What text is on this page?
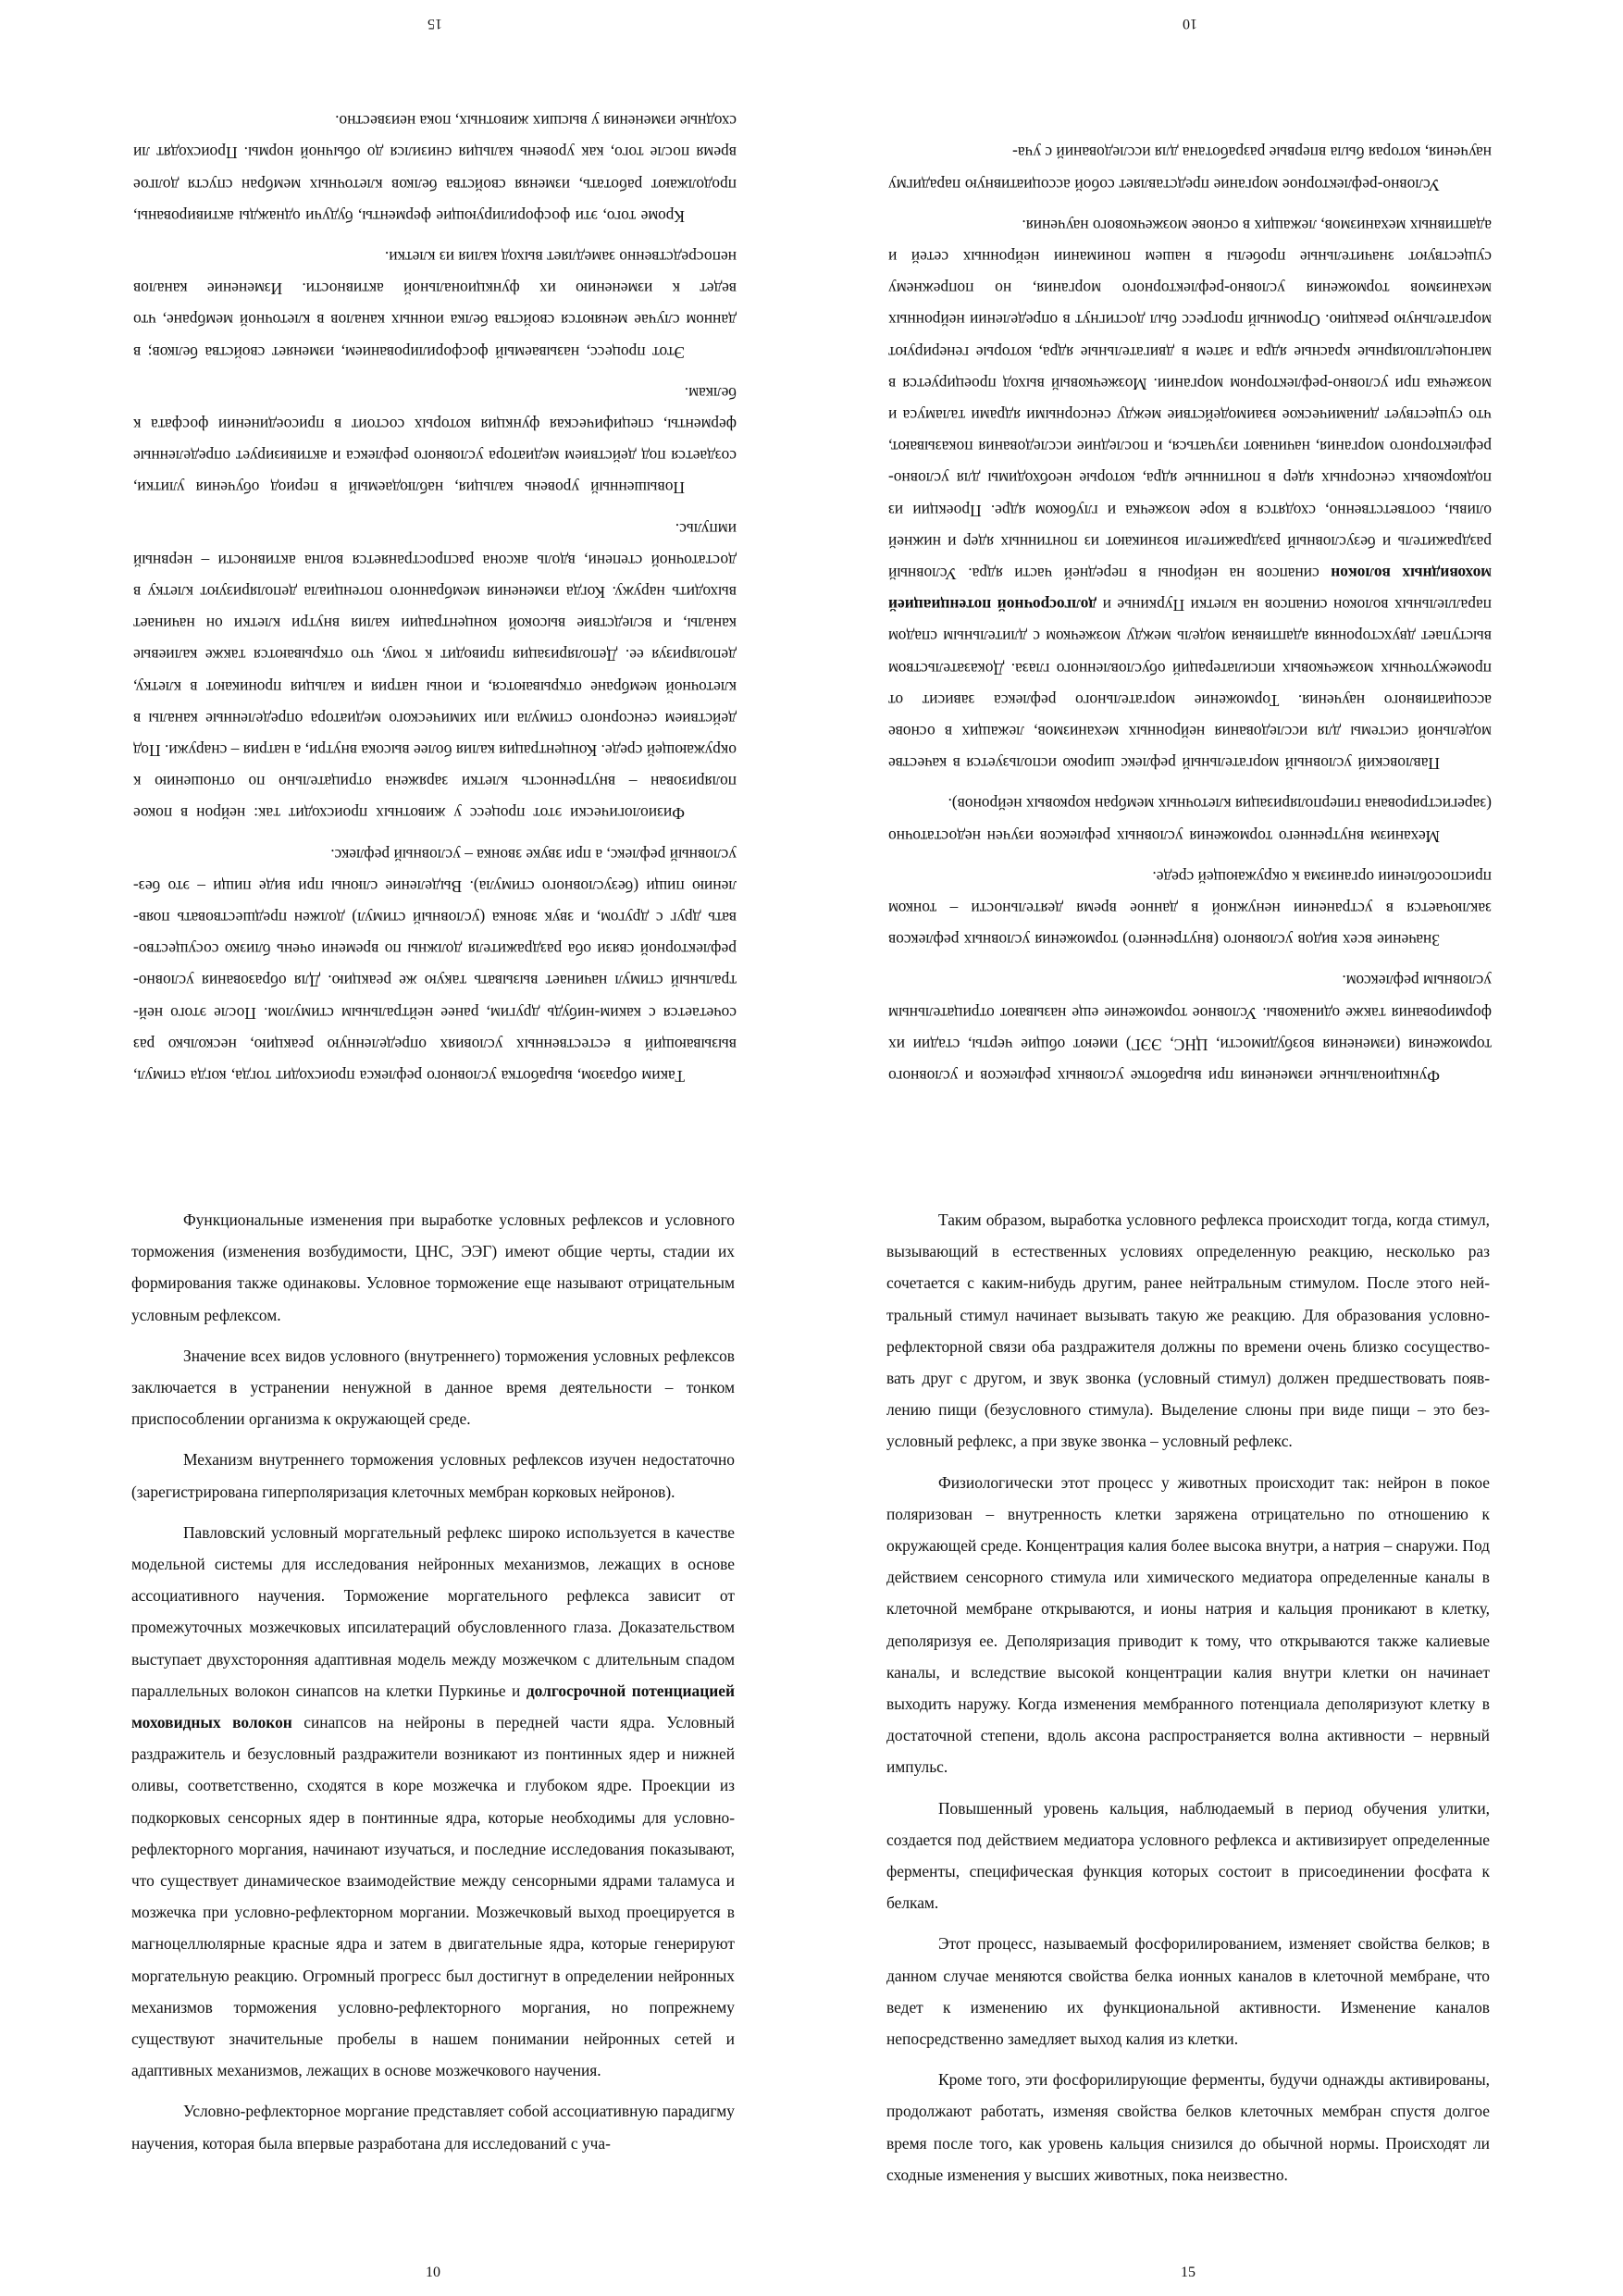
Функциональные изменения при выработке условных рефлексов и условного торможения (изменения возбудимости, ЦНС, ЭЭГ) имеют общие черты, стадии их формирования также одинаковы. Условное торможение еще называют отрицательным условным рефлексом.

Значение всех видов условного (внутреннего) торможения условных рефлексов заключается в устранении ненужной в данное время деятельности – тонком приспособлении организма к окружающей среде.

Механизм внутреннего торможения условных рефлексов изучен недостаточно (зарегистрирована гиперполяризация клеточных мембран корковых нейронов).

Павловский условный моргательный рефлекс широко используется в качестве модельной системы для исследования нейронных механизмов, лежащих в основе ассоциативного научения. Торможение моргательного рефлекса зависит от промежуточных мозжечковых ипсилатераций обусловленного глаза. Доказательством выступает двухсторонняя адаптивная модель между мозжечком с длительным спадом параллельных волокон синапсов на клетки Пуркинье и долгосрочной потенциацией моховидных волокон синапсов на нейроны в передней части ядра. Условный раздражитель и безусловный раздражители возникают из понтинных ядер и нижней оливы, соответственно, сходятся в коре мозжечка и глубоком ядре. Проекции из подкорковых сенсорных ядер в понтинные ядра, которые необходимы для условно-рефлекторного моргания, начинают изучаться, и последние исследования показывают, что существует динамическое взаимодействие между сенсорными ядрами таламуса и мозжечка при условно-рефлекторном моргании. Мозжечковый выход проецируется в магноцеллюлярные красные ядра и затем в двигательные ядра, которые генерируют моргательную реакцию. Огромный прогресс был достигнут в определении нейронных механизмов торможения условно-рефлекторного моргания, но попрежнему существуют значительные пробелы в нашем понимании нейронных сетей и адаптивных механизмов, лежащих в основе мозжечкового научения.

Условно-рефлекторное моргание представляет собой ассоциативную парадигму научения, которая была впервые разработана для исследований с уча-

10

Таким образом, выработка условного рефлекса происходит тогда, когда стимул, вызывающий в естественных условиях определенную реакцию, несколько раз сочетается с каким-нибудь другим, ранее нейтральным стимулом. После этого нейтральный стимул начинает вызывать такую же реакцию. Для образования условнорефлекторной связи оба раздражителя должны по времени очень близко сосуществовать друг с другом, и звук звонка (условный стимул) должен предшествовать появлению пищи (безусловного стимула). Выделение слюны при виде пищи – это безусловный рефлекс, а при звуке звонка – условный рефлекс.

Физиологически этот процесс у животных происходит так: нейрон в покое поляризован – внутренность клетки заряжена отрицательно по отношению к окружающей среде. Концентрация калия более высока внутри, а натрия – снаружи. Под действием сенсорного стимула или химического медиатора определенные каналы в клеточной мембране открываются, и ионы натрия и кальция проникают в клетку, деполяризуя ее. Деполяризация приводит к тому, что открываются также калиевые каналы, и вследствие высокой концентрации калия внутри клетки он начинает выходить наружу. Когда изменения мембранного потенциала деполяризуют клетку в достаточной степени, вдоль аксона распространяется волна активности – нервный импульс.

Повышенный уровень кальция, наблюдаемый в период обучения улитки, создается под действием медиатора условного рефлекса и активизирует определенные ферменты, специфическая функция которых состоит в присоединении фосфата к белкам.

Этот процесс, называемый фосфорилированием, изменяет свойства белков; в данном случае меняются свойства белка ионных каналов в клеточной мембране, что ведет к изменению их функциональной активности. Изменение каналов непосредственно замедляет выход калия из клетки.

Кроме того, эти фосфорилирующие ферменты, будучи однажды активированы, продолжают работать, изменяя свойства белков клеточных мембран спустя долгое время после того, как уровень кальция снизился до обычной нормы. Происходят ли сходные изменения у высших животных, пока неизвестно.

15

Функциональные изменения при выработке условных рефлексов и условного торможения (изменения возбудимости, ЦНС, ЭЭГ) имеют общие черты, стадии их формирования также одинаковы. Условное торможение еще называют отрицательным условным рефлексом.

Значение всех видов условного (внутреннего) торможения условных рефлексов заключается в устранении ненужной в данное время деятельности – тонком приспособлении организма к окружающей среде.

Механизм внутреннего торможения условных рефлексов изучен недостаточно (зарегистрирована гиперполяризация клеточных мембран корковых нейронов).

Павловский условный моргательный рефлекс широко используется в качестве модельной системы для исследования нейронных механизмов, лежащих в основе ассоциативного научения. Торможение моргательного рефлекса зависит от промежуточных мозжечковых ипсилатераций обусловленного глаза. Доказательством выступает двухсторонняя адаптивная модель между мозжечком с длительным спадом параллельных волокон синапсов на клетки Пуркинье и долгосрочной потенциацией моховидных волокон синапсов на нейроны в передней части ядра. Условный раздражитель и безусловный раздражители возникают из понтинных ядер и нижней оливы, соответственно, сходятся в коре мозжечка и глубоком ядре. Проекции из подкорковых сенсорных ядер в понтинные ядра, которые необходимы для условно-рефлекторного моргания, начинают изучаться, и последние исследования показывают, что существует динамическое взаимодействие между сенсорными ядрами таламуса и мозжечка при условно-рефлекторном моргании. Мозжечковый выход проецируется в магноцеллюлярные красные ядра и затем в двигательные ядра, которые генерируют моргательную реакцию. Огромный прогресс был достигнут в определении нейронных механизмов торможения условно-рефлекторного моргания, но попрежнему существуют значительные пробелы в нашем понимании нейронных сетей и адаптивных механизмов, лежащих в основе мозжечкового научения.

Условно-рефлекторное моргание представляет собой ассоциативную парадигму научения, которая была впервые разработана для исследований с уча-

10

Таким образом, выработка условного рефлекса происходит тогда, когда стимул, вызывающий в естественных условиях определенную реакцию, несколько раз сочетается с каким-нибудь другим, ранее нейтральным стимулом. После этого нейтральный стимул начинает вызывать такую же реакцию. Для образования условнорефлекторной связи оба раздражителя должны по времени очень близко сосуществовать друг с другом, и звук звонка (условный стимул) должен предшествовать появлению пищи (безусловного стимула). Выделение слюны при виде пищи – это безусловный рефлекс, а при звуке звонка – условный рефлекс.

Физиологически этот процесс у животных происходит так: нейрон в покое поляризован – внутренность клетки заряжена отрицательно по отношению к окружающей среде. Концентрация калия более высока внутри, а натрия – снаружи. Под действием сенсорного стимула или химического медиатора определенные каналы в клеточной мембране открываются, и ионы натрия и кальция проникают в клетку, деполяризуя ее. Деполяризация приводит к тому, что открываются также калиевые каналы, и вследствие высокой концентрации калия внутри клетки он начинает выходить наружу. Когда изменения мембранного потенциала деполяризуют клетку в достаточной степени, вдоль аксона распространяется волна активности – нервный импульс.

Повышенный уровень кальция, наблюдаемый в период обучения улитки, создается под действием медиатора условного рефлекса и активизирует определенные ферменты, специфическая функция которых состоит в присоединении фосфата к белкам.

Этот процесс, называемый фосфорилированием, изменяет свойства белков; в данном случае меняются свойства белка ионных каналов в клеточной мембране, что ведет к изменению их функциональной активности. Изменение каналов непосредственно замедляет выход калия из клетки.

Кроме того, эти фосфорилирующие ферменты, будучи однажды активированы, продолжают работать, изменяя свойства белков клеточных мембран спустя долгое время после того, как уровень кальция снизился до обычной нормы. Происходят ли сходные изменения у высших животных, пока неизвестно.

15
